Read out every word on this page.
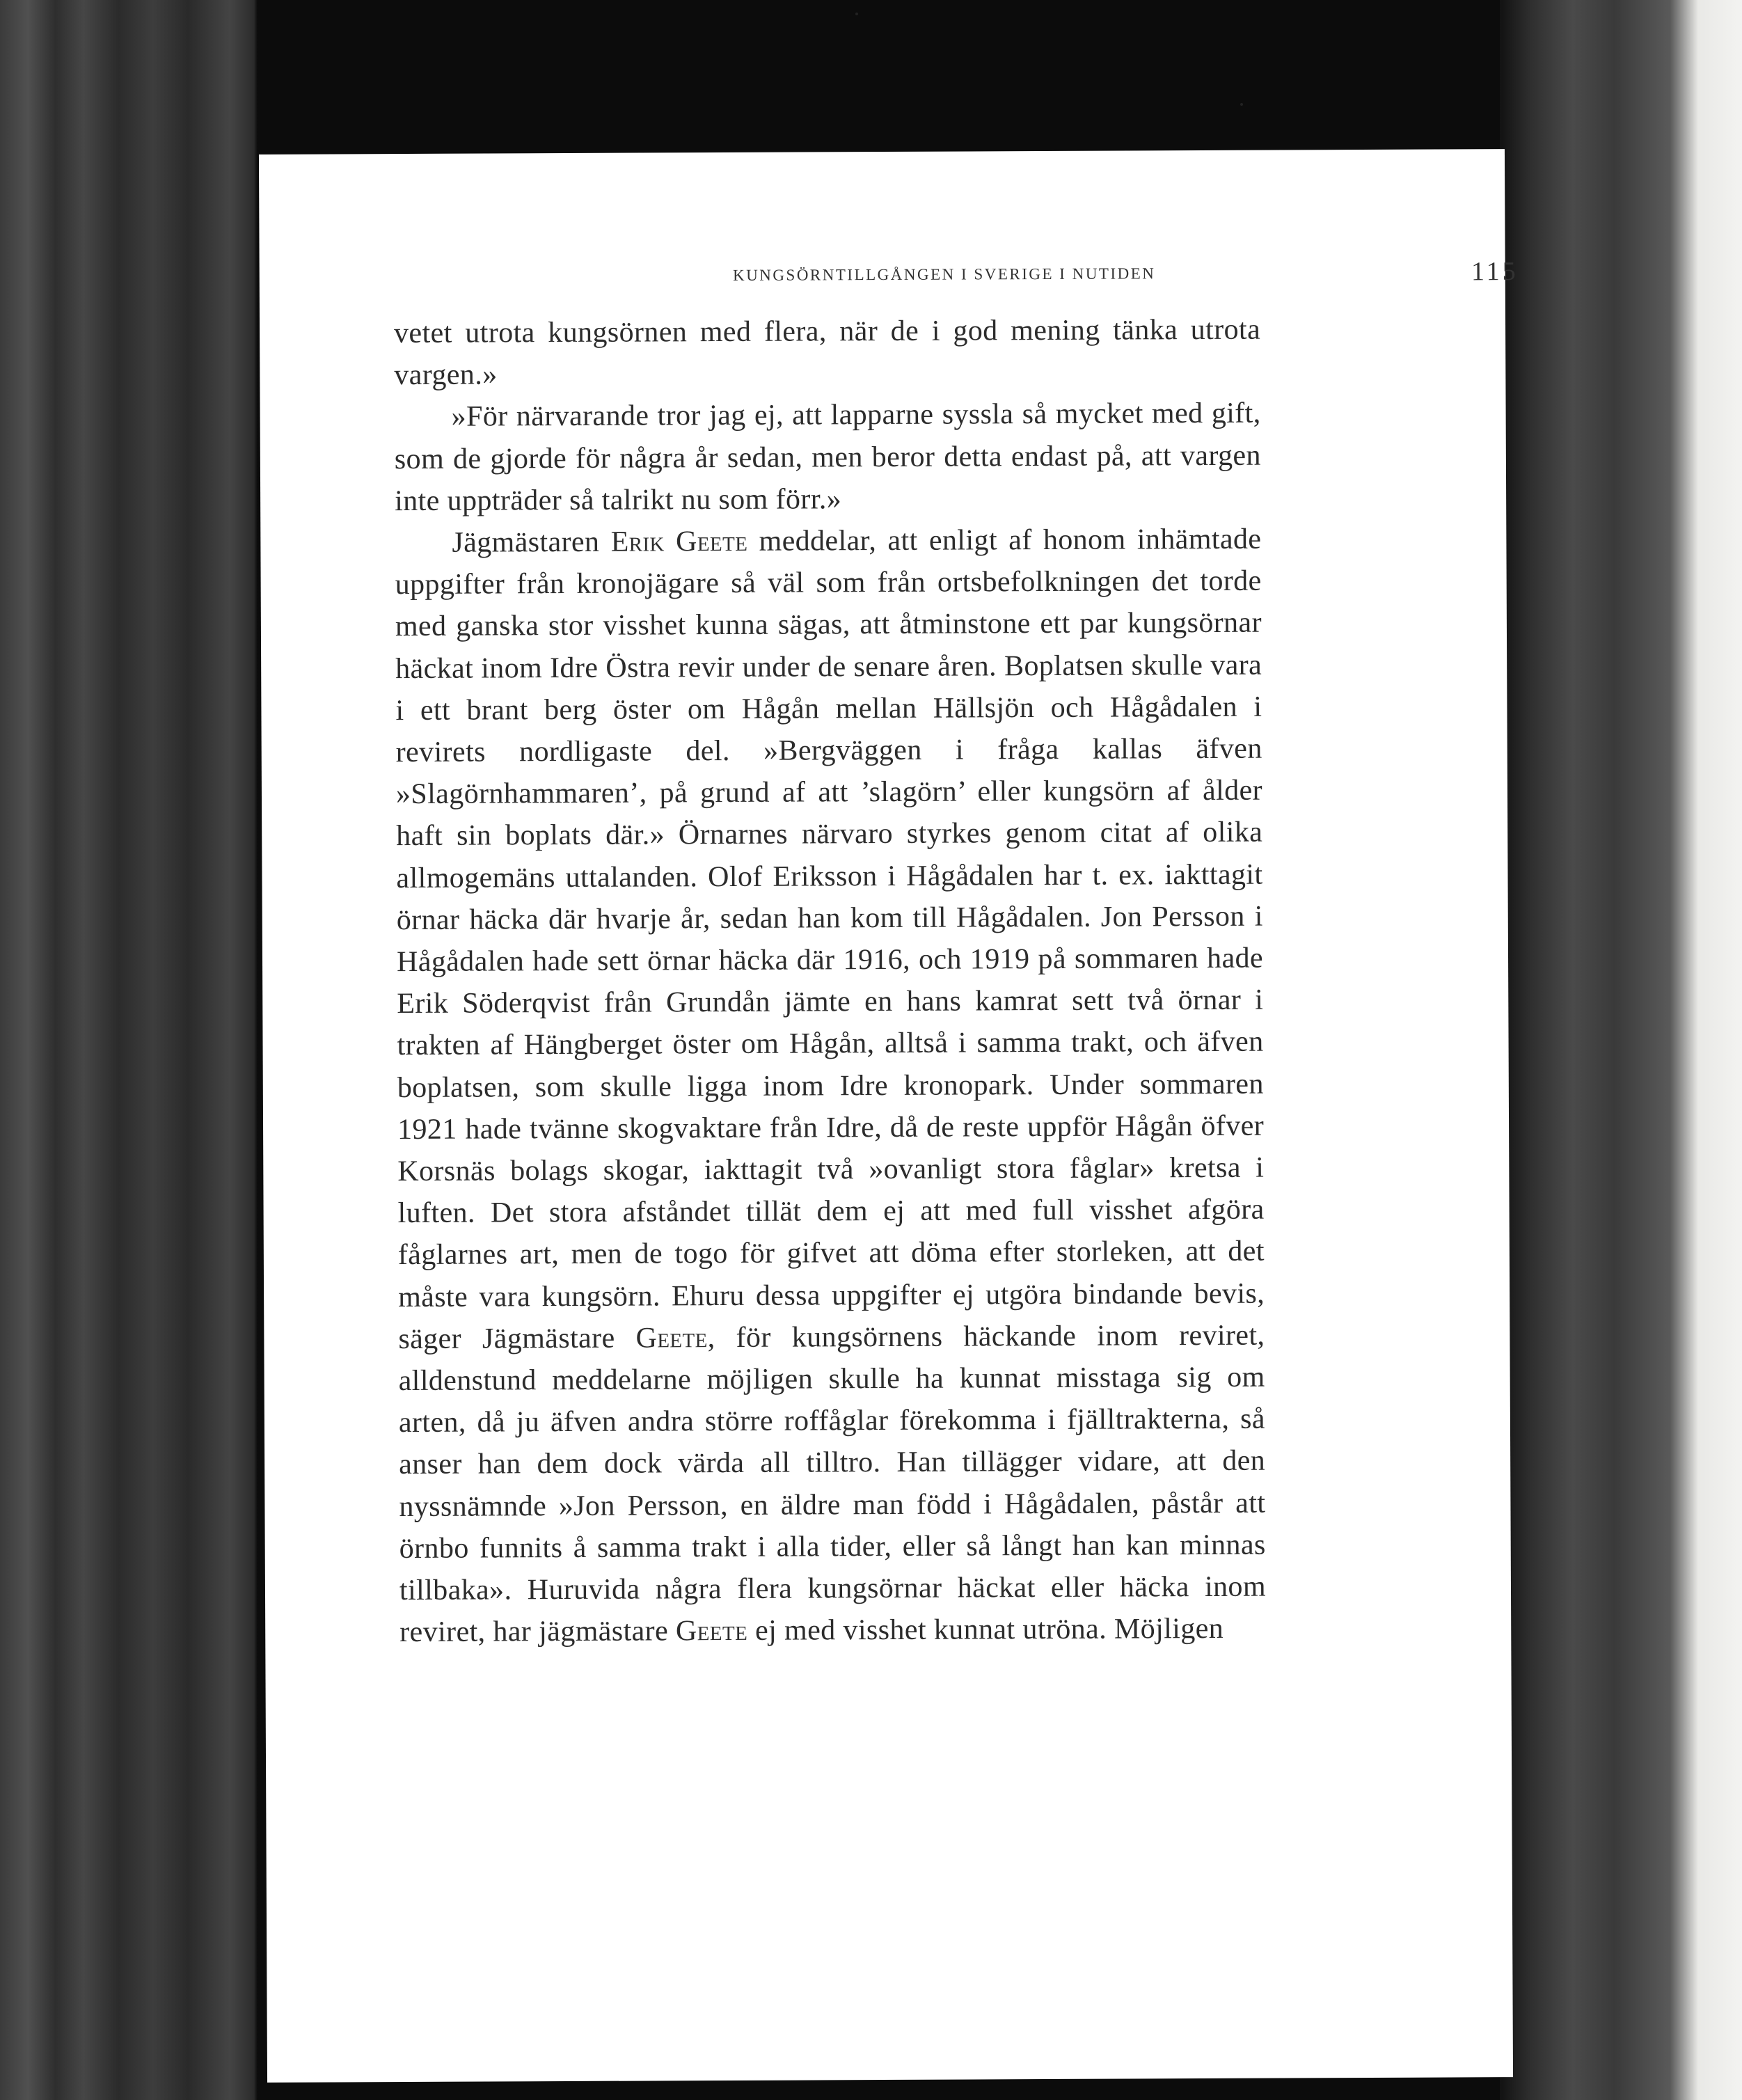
KUNGSÖRNTILLGÅNGEN I SVERIGE I NUTIDEN	115

vetet utrota kungsörnen med flera, när de i god mening tänka utrota vargen.»

»För närvarande tror jag ej, att lapparne syssla så mycket med gift, som de gjorde för några år sedan, men beror detta endast på, att vargen inte uppträder så talrikt nu som förr.»

Jägmästaren Erik Geete meddelar, att enligt af honom inhämtade uppgifter från kronojägare så väl som från ortsbefolkningen det torde med ganska stor visshet kunna sägas, att åtminstone ett par kungsörnar häckat inom Idre Östra revir under de senare åren. Boplatsen skulle vara i ett brant berg öster om Hågån mellan Hällsjön och Hågådalen i revirets nordligaste del. »Bergväggen i fråga kallas äfven »Slagörnhammaren’, på grund af att ’slagörn’ eller kungsörn af ålder haft sin boplats där.» Örnarnes närvaro styrkes genom citat af olika allmogemäns uttalanden. Olof Eriksson i Hågådalen har t. ex. iakttagit örnar häcka där hvarje år, sedan han kom till Hågådalen. Jon Persson i Hågådalen hade sett örnar häcka där 1916, och 1919 på sommaren hade Erik Söderqvist från Grundån jämte en hans kamrat sett två örnar i trakten af Hängberget öster om Hågån, alltså i samma trakt, och äfven boplatsen, som skulle ligga inom Idre kronopark. Under sommaren 1921 hade tvänne skogvaktare från Idre, då de reste uppför Hågån öfver Korsnäs bolags skogar, iakttagit två »ovanligt stora fåglar» kretsa i luften. Det stora afståndet tillät dem ej att med full visshet afgöra fåglarnes art, men de togo för gifvet att döma efter storleken, att det måste vara kungsörn. Ehuru dessa uppgifter ej utgöra bindande bevis, säger Jägmästare Geete, för kungsörnens häckande inom reviret, alldenstund meddelarne möjligen skulle ha kunnat misstaga sig om arten, då ju äfven andra större roffåglar förekomma i fjälltrakterna, så anser han dem dock värda all tilltro. Han tillägger vidare, att den nyssnämnde »Jon Persson, en äldre man född i Hågådalen, påstår att örnbo funnits å samma trakt i alla tider, eller så långt han kan minnas tillbaka». Huruvida några flera kungsörnar häckat eller häcka inom reviret, har jägmästare Geete ej med visshet kunnat utröna. Möjligen
